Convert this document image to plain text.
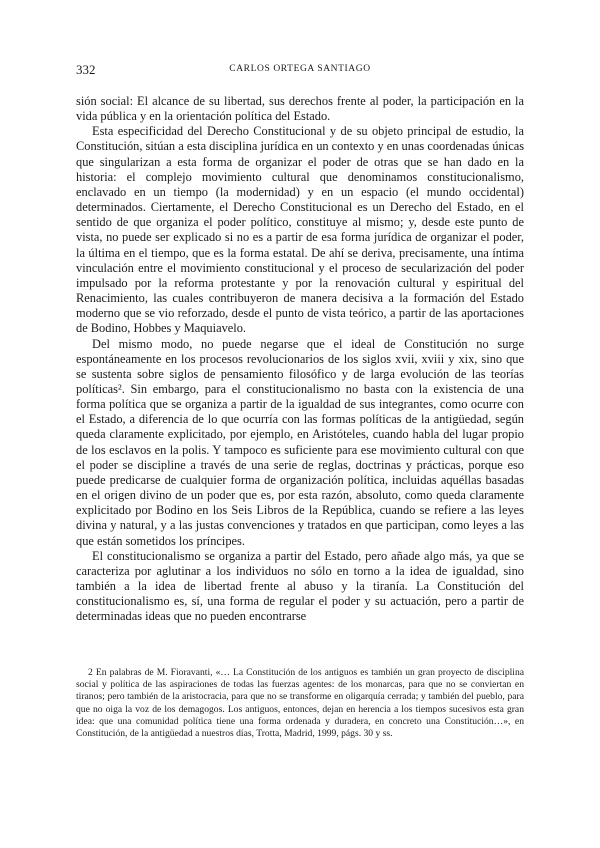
332	CARLOS ORTEGA SANTIAGO

sión social: El alcance de su libertad, sus derechos frente al poder, la participación en la vida pública y en la orientación política del Estado.

Esta especificidad del Derecho Constitucional y de su objeto principal de estudio, la Constitución, sitúan a esta disciplina jurídica en un contexto y en unas coordenadas únicas que singularizan a esta forma de organizar el poder de otras que se han dado en la historia: el complejo movimiento cultural que denominamos constitucionalismo, enclavado en un tiempo (la modernidad) y en un espacio (el mundo occidental) determinados. Ciertamente, el Derecho Constitucional es un Derecho del Estado, en el sentido de que organiza el poder político, constituye al mismo; y, desde este punto de vista, no puede ser explicado si no es a partir de esa forma jurídica de organizar el poder, la última en el tiempo, que es la forma estatal. De ahí se deriva, precisamente, una íntima vinculación entre el movimiento constitucional y el proceso de secularización del poder impulsado por la reforma protestante y por la renovación cultural y espiritual del Renacimiento, las cuales contribuyeron de manera decisiva a la formación del Estado moderno que se vio reforzado, desde el punto de vista teórico, a partir de las aportaciones de Bodino, Hobbes y Maquiavelo.

Del mismo modo, no puede negarse que el ideal de Constitución no surge espontáneamente en los procesos revolucionarios de los siglos xvii, xviii y xix, sino que se sustenta sobre siglos de pensamiento filosófico y de larga evolución de las teorías políticas². Sin embargo, para el constitucionalismo no basta con la existencia de una forma política que se organiza a partir de la igualdad de sus integrantes, como ocurre con el Estado, a diferencia de lo que ocurría con las formas políticas de la antigüedad, según queda claramente explicitado, por ejemplo, en Aristóteles, cuando habla del lugar propio de los esclavos en la polis. Y tampoco es suficiente para ese movimiento cultural con que el poder se discipline a través de una serie de reglas, doctrinas y prácticas, porque eso puede predicarse de cualquier forma de organización política, incluidas aquéllas basadas en el origen divino de un poder que es, por esta razón, absoluto, como queda claramente explicitado por Bodino en los Seis Libros de la República, cuando se refiere a las leyes divina y natural, y a las justas convenciones y tratados en que participan, como leyes a las que están sometidos los príncipes.

El constitucionalismo se organiza a partir del Estado, pero añade algo más, ya que se caracteriza por aglutinar a los individuos no sólo en torno a la idea de igualdad, sino también a la idea de libertad frente al abuso y la tiranía. La Constitución del constitucionalismo es, sí, una forma de regular el poder y su actuación, pero a partir de determinadas ideas que no pueden encontrarse

2 En palabras de M. Fioravanti, «… La Constitución de los antiguos es también un gran proyecto de disciplina social y política de las aspiraciones de todas las fuerzas agentes: de los monarcas, para que no se conviertan en tiranos; pero también de la aristocracia, para que no se transforme en oligarquía cerrada; y también del pueblo, para que no oiga la voz de los demagogos. Los antiguos, entonces, dejan en herencia a los tiempos sucesivos esta gran idea: que una comunidad política tiene una forma ordenada y duradera, en concreto una Constitución…», en Constitución, de la antigüedad a nuestros días, Trotta, Madrid, 1999, págs. 30 y ss.
